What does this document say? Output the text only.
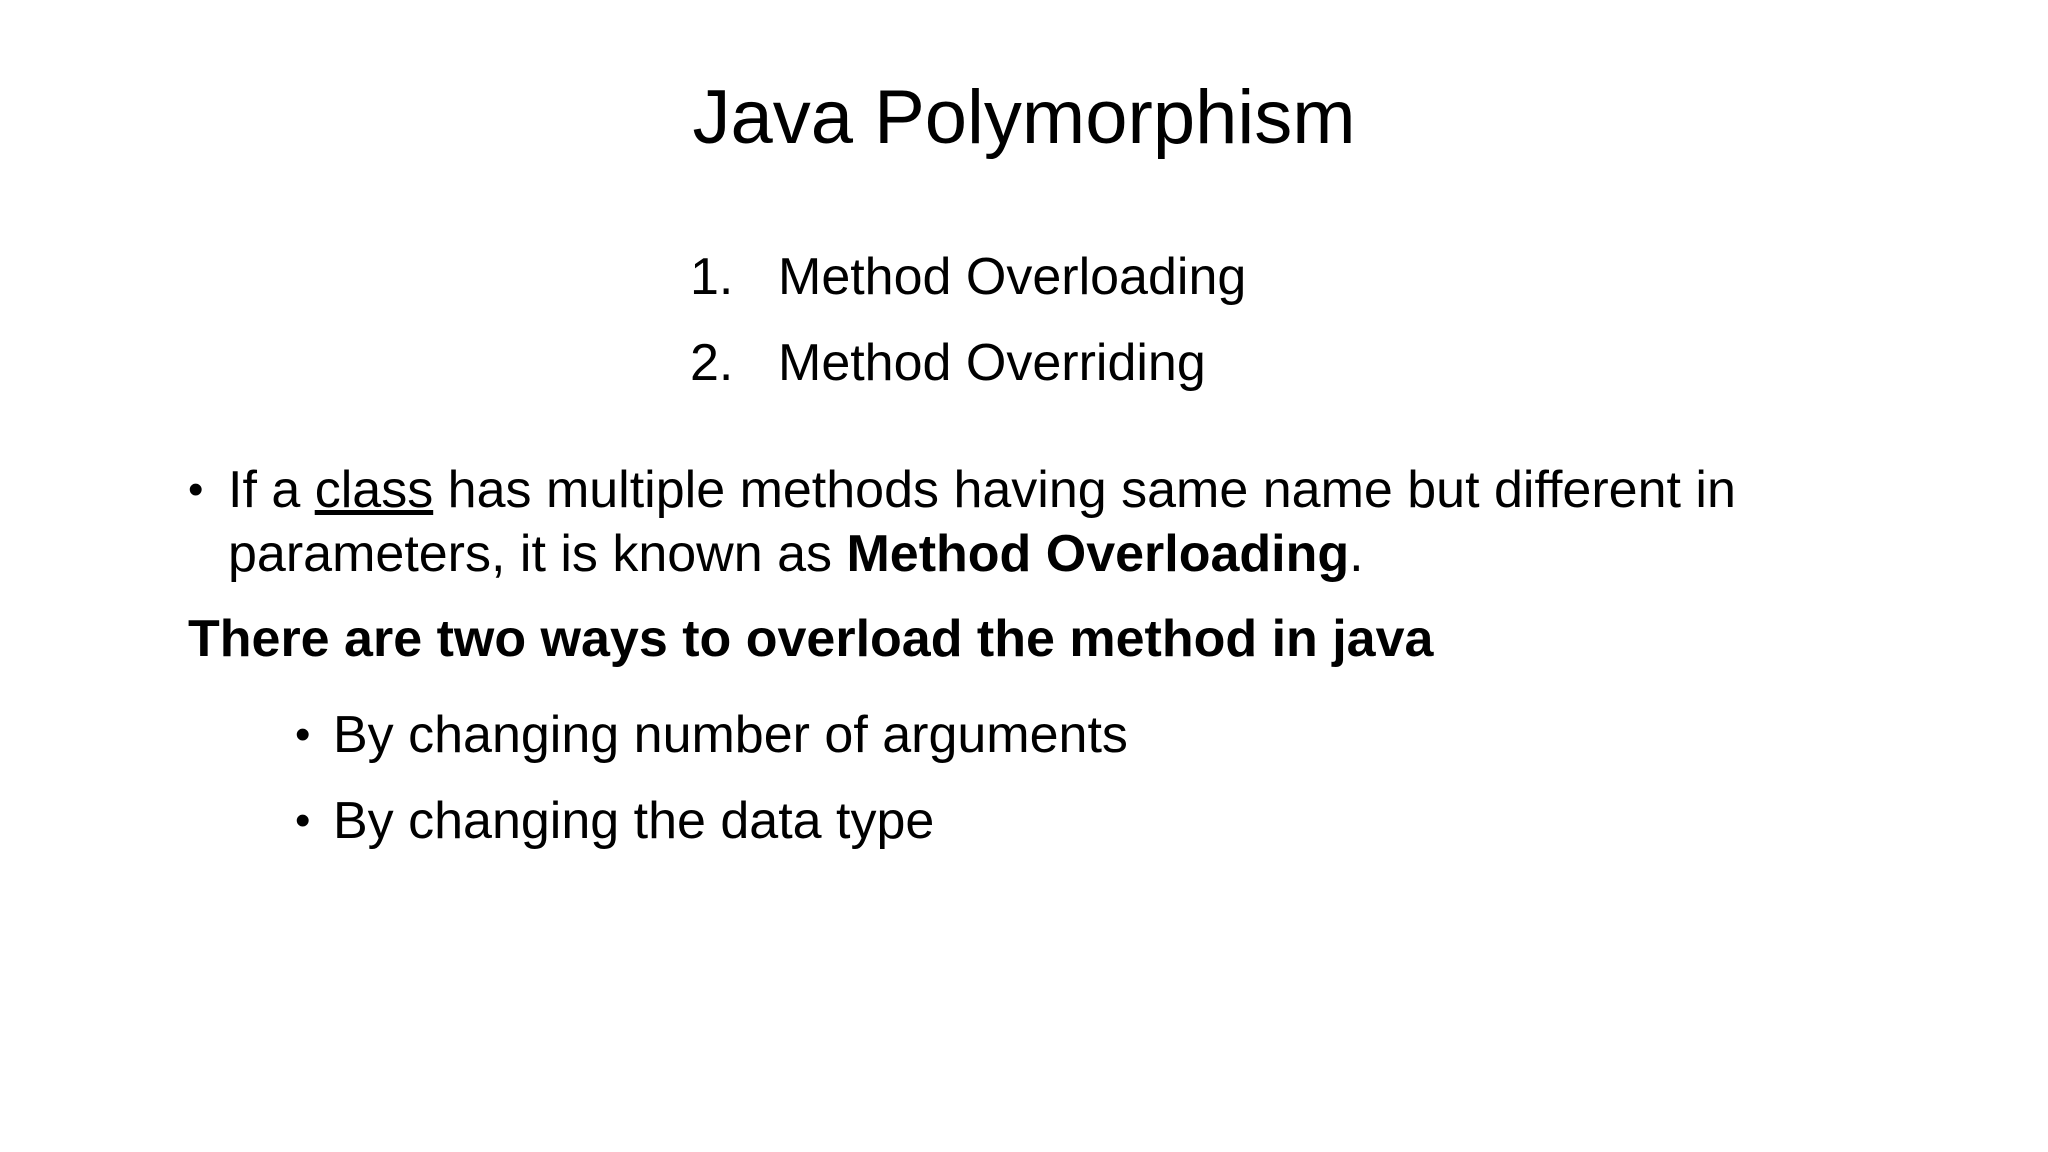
Java Polymorphism
1. Method Overloading
2. Method Overriding
• If a class has multiple methods having same name but different in parameters, it is known as Method Overloading.
There are two ways to overload the method in java
• By changing number of arguments
• By changing the data type
